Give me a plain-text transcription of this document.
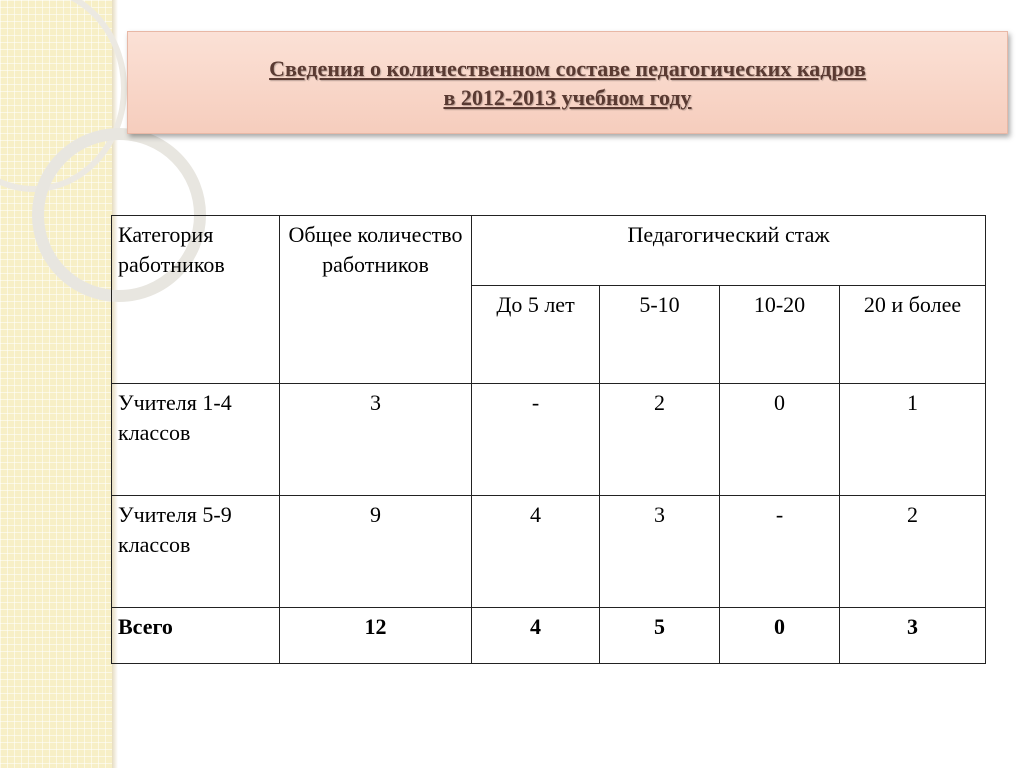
Сведения о количественном составе педагогических кадров
в 2012-2013 учебном году
Категория работников	Общее количество работников	Педагогический стаж			
		До 5 лет	5-10	10-20	20 и более
Учителя 1-4 классов	3	-	2	0	1
Учителя 5-9 классов	9	4	3	-	2
Всего	12	4	5	0	3
